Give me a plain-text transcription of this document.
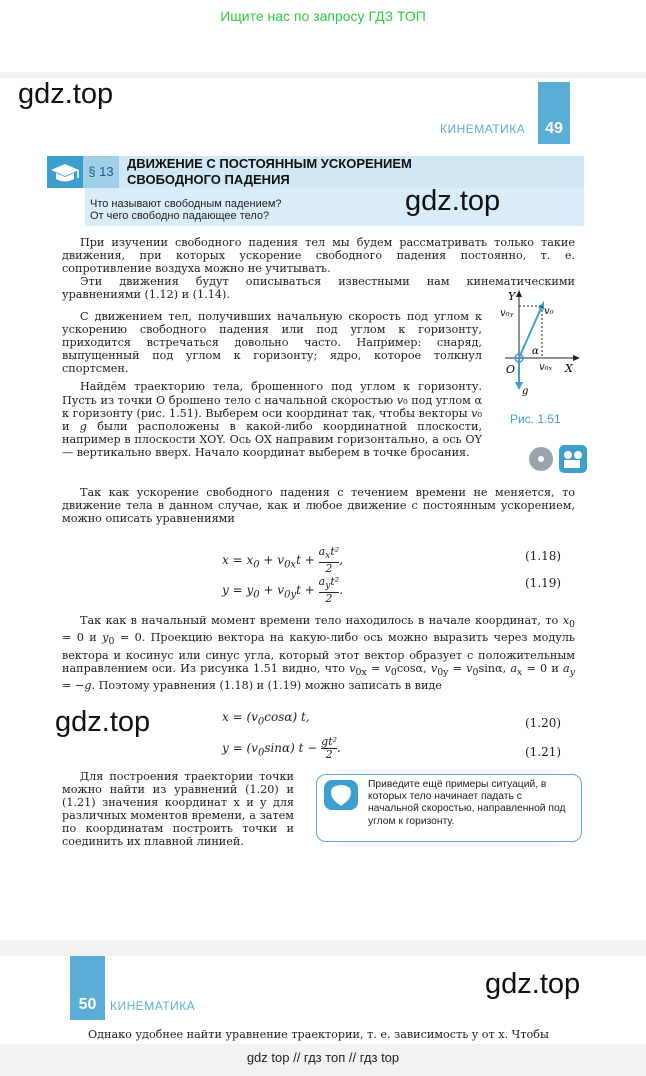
Ищите нас по запросу ГДЗ ТОП
gdz.top
49
КИНЕМАТИКА
§ 13
ДВИЖЕНИЕ С ПОСТОЯННЫМ УСКОРЕНИЕМ
СВОБОДНОГО ПАДЕНИЯ
Что называют свободным падением?
От чего свободно падающее тело?	gdz.top

При изучении свободного падения тел мы будем рассматривать только такие движения, при которых ускорение свободного падения постоянно, т. е. сопротивление воздуха можно не учитывать.

Эти движения будут описываться известными нам кинематическими уравнениями (1.12) и (1.14).

С движением тел, получивших начальную скорость под углом к ускорению свободного падения или под углом к горизонту, приходится встречаться довольно часто. Например: снаряд, выпущенный под углом к горизонту; ядро, которое толкнул спортсмен.

Найдём траекторию тела, брошенного под углом к горизонту. Пусть из точки O брошено тело с начальной скоростью v₀ под углом α к горизонту (рис. 1.51). Выберем оси координат так, чтобы векторы v₀ и g были расположены в какой-либо координатной плоскости, например в плоскости XOY. Ось OX направим горизонтально, а ось OY — вертикально вверх. Начало координат выберем в точке бросания.

Y
v₀ᵧ	v₀
α
O v₀ₓ X
g
Рис. 1.51

Так как ускорение свободного падения с течением времени не меняется, то движение тела в данном случае, как и любое движение с постоянным ускорением, можно описать уравнениями

$x = x_0 + v_{0x}t$ +
$a_xt^2$
2
,	(1.18)
$y = y_0 + v_{0y}t$ +
$a_yt^2$
2
.
(1.19)

Так как в начальный момент времени тело находилось в начале координат, то $x_0 = 0$ и $y_0 = 0$. Проекцию вектора на какую-либо ось можно выразить через модуль вектора и косинус или синус угла, который этот вектор образует с положительным направлением оси. Из рисунка 1.51 видно, что $v_{0x} = v_0\cos\alpha$, $v_{0y} = v_0\sin\alpha$, $a_x = 0$ и $a_y = -g$. Поэтому уравнения (1.18) и (1.19) можно записать в виде

gdz.top	$x = (v_0\cos\alpha)$ t,	(1.20)
$y = (v_0\sin\alpha) t - \frac{\text{gt²}}{2}$ .	(1.21)

Для построения траектории точки можно найти из уравнений (1.20) и (1.21) значения координат x и y для различных моментов времени, а затем по координатам построить точки и соединить их плавной линией.

Приведите ещё примеры ситуаций, в которых тело начинает падать с начальной скоростью, направленной под углом к горизонту.
50	КИНЕМАТИКА
gdz.top
Однако удобнее найти уравнение траектории, т. е. зависимость y от x. Чтобы
gdz top // гдз топ // гдз top
